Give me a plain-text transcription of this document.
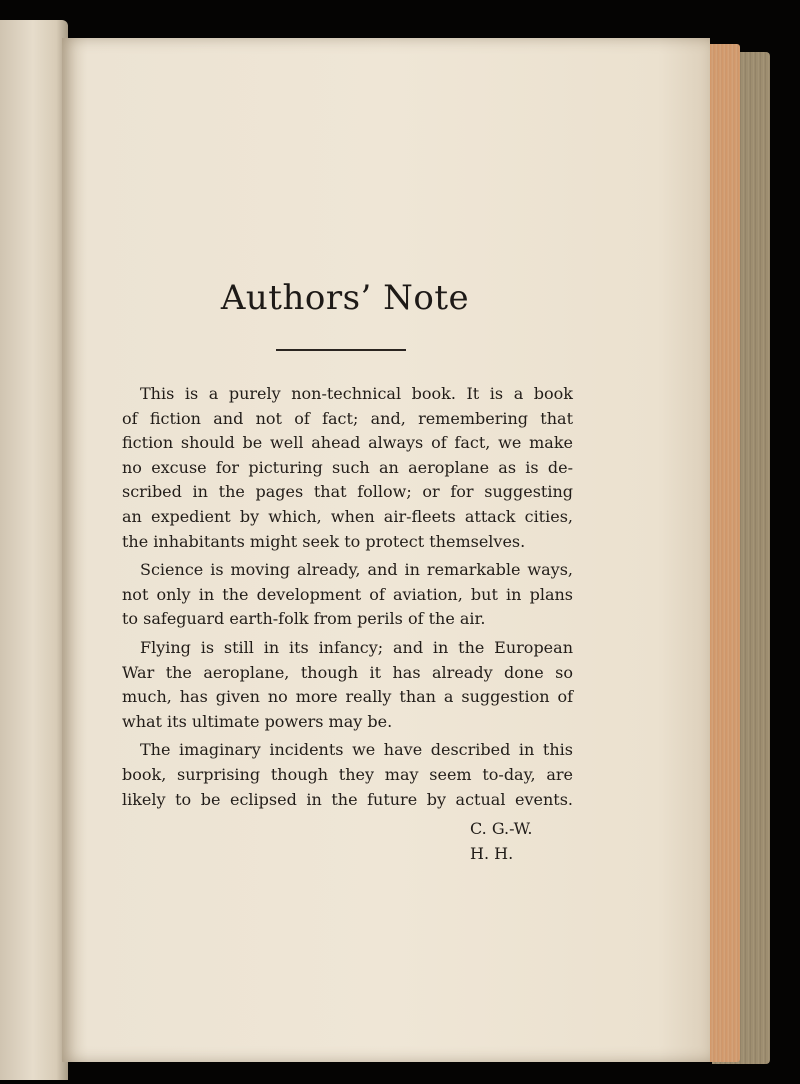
Authors’ Note
This is a purely non-technical book. It is a book
of fiction and not of fact; and, remembering that
fiction should be well ahead always of fact, we make
no excuse for picturing such an aeroplane as is de-
scribed in the pages that follow; or for suggesting
an expedient by which, when air-fleets attack cities,
the inhabitants might seek to protect themselves.
Science is moving already, and in remarkable ways,
not only in the development of aviation, but in plans
to safeguard earth-folk from perils of the air.
Flying is still in its infancy; and in the European
War the aeroplane, though it has already done so
much, has given no more really than a suggestion of
what its ultimate powers may be.
The imaginary incidents we have described in this
book, surprising though they may seem to-day, are
likely to be eclipsed in the future by actual events.
C. G.-W.
H. H.
